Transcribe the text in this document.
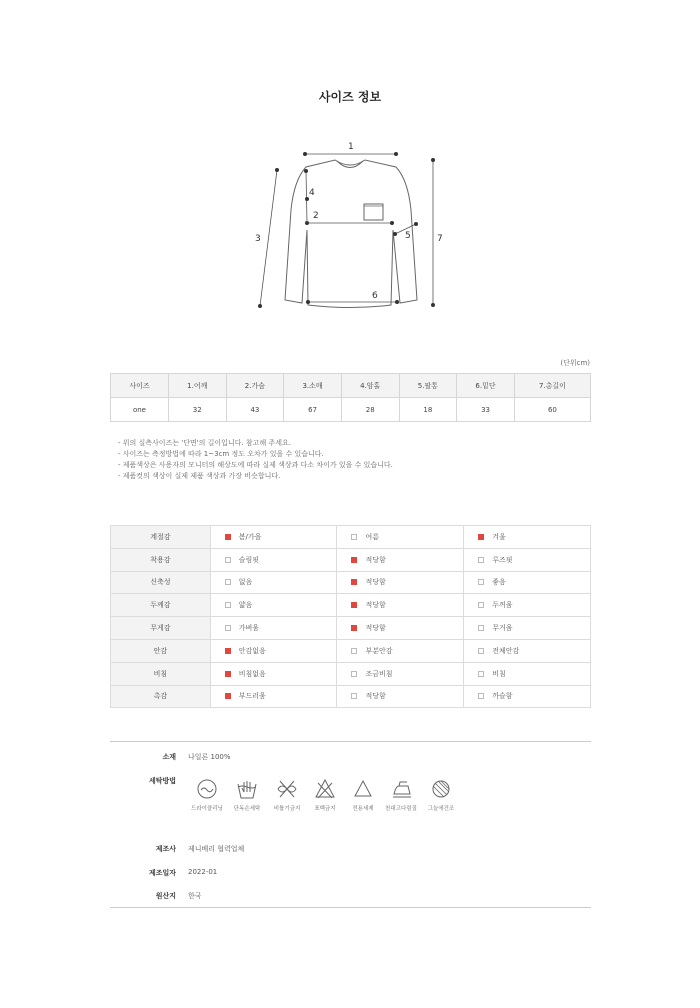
사이즈 정보
1
2
3
4
5
6
7
(단위cm)
사이즈	1.어깨	2.가슴	3.소매	4.암홀	5.팔통	6.밑단	7.총길이
one	32	43	67	28	18	33	60
- 위의 실측사이즈는 '단면'의 길이입니다. 참고해 주세요.
- 사이즈는 측정방법에 따라 1~3cm 정도 오차가 있을 수 있습니다.
- 제품색상은 사용자의 모니터의 해상도에 따라 실제 색상과 다소 차이가 있을 수 있습니다.
- 제품컷의 색상이 실제 제품 색상과 가장 비슷합니다.
계절감	봄/가을	여름	겨울
착용감	슬림핏	적당함	루즈핏
신축성	없음	적당함	좋음
두께감	얇음	적당함	두꺼움
무게감	가벼움	적당함	무거움
안감	안감없음	부분안감	전체안감
비침	비침없음	조금비침	비침
촉감	부드러움	적당함	까슬함
소재 나일론 100%
세탁방법
드라이클리닝	단독손세탁	비틀기금지	표백금지	전용세제	천대고다림질	그늘에건조
제조사 제니베리 협력업체
제조일자 2022-01
원산지 한국
